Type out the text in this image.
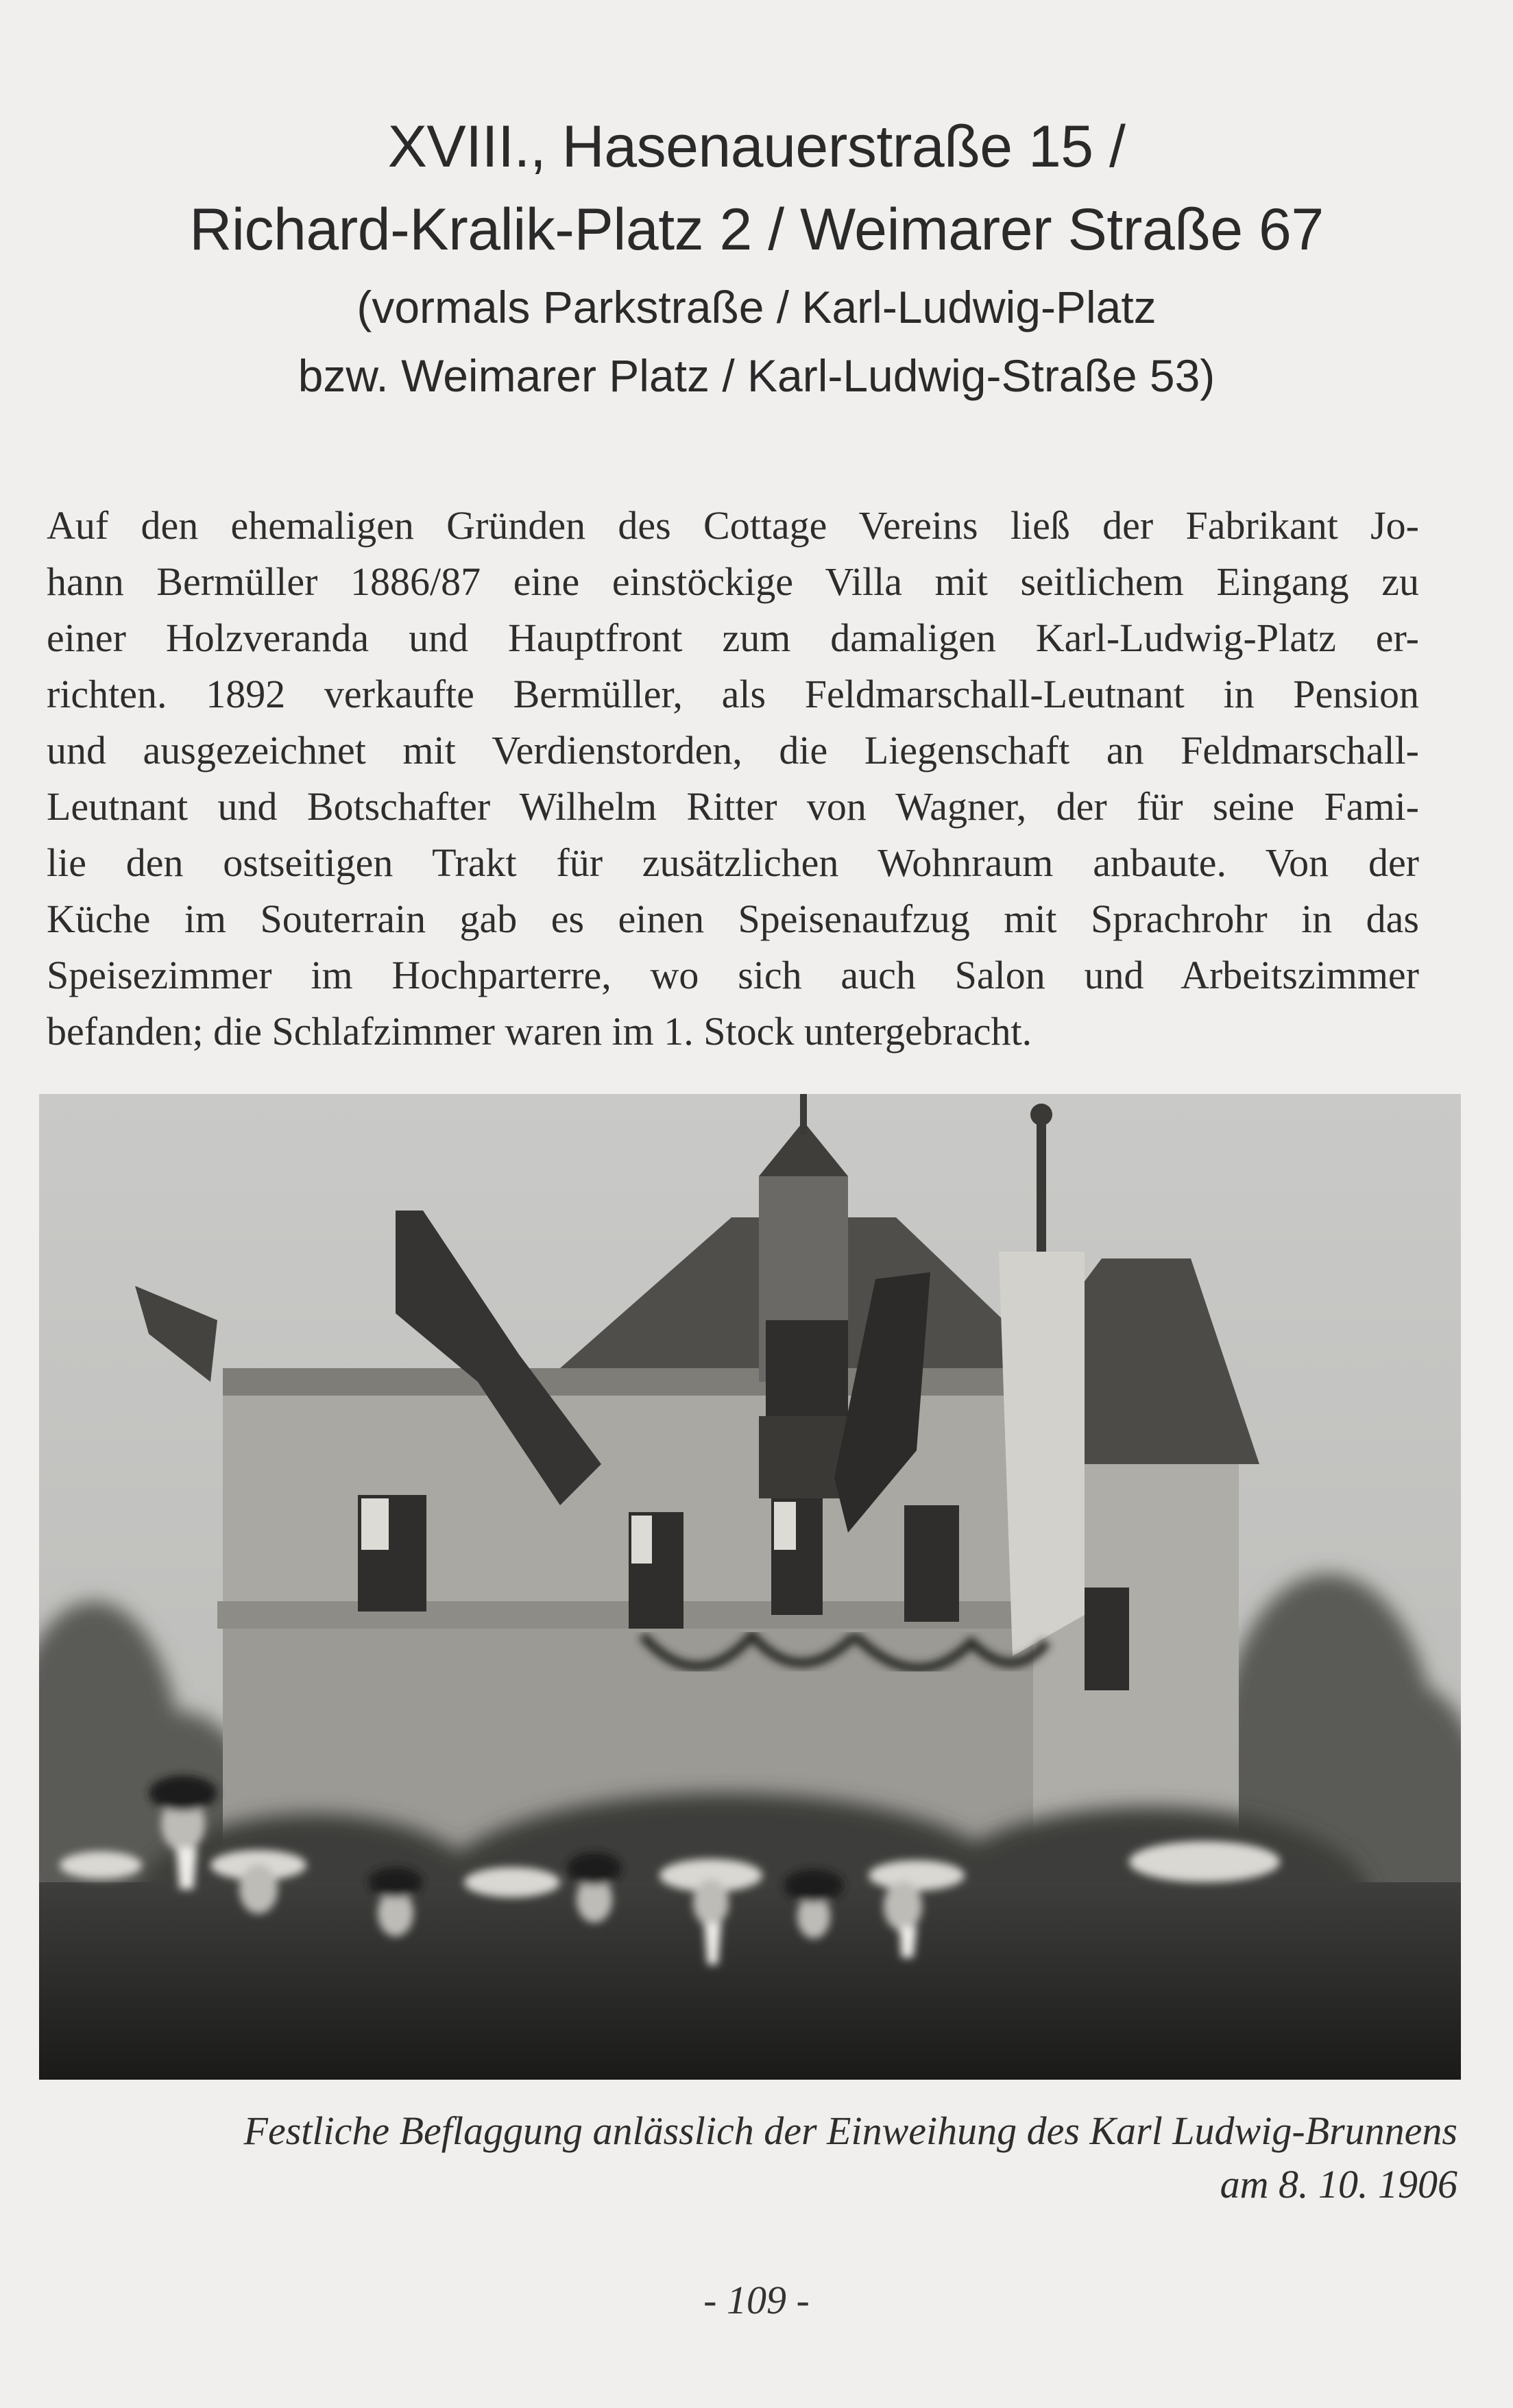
XVIII., Hasenauerstraße 15 /
Richard-Kralik-Platz 2 / Weimarer Straße 67
(vormals Parkstraße / Karl-Ludwig-Platz
bzw. Weimarer Platz / Karl-Ludwig-Straße 53)
Auf den ehemaligen Gründen des Cottage Vereins ließ der Fabrikant Jo-
hann Bermüller 1886/87 eine einstöckige Villa mit seitlichem Eingang zu
einer Holzveranda und Hauptfront zum damaligen Karl-Ludwig-Platz er-
richten. 1892 verkaufte Bermüller, als Feldmarschall-Leutnant in Pension
und ausgezeichnet mit Verdienstorden, die Liegenschaft an Feldmarschall-
Leutnant und Botschafter Wilhelm Ritter von Wagner, der für seine Fami-
lie den ostseitigen Trakt für zusätzlichen Wohnraum anbaute. Von der
Küche im Souterrain gab es einen Speisenaufzug mit Sprachrohr in das
Speisezimmer im Hochparterre, wo sich auch Salon und Arbeitszimmer
befanden; die Schlafzimmer waren im 1. Stock untergebracht.
Festliche Beflaggung anlässlich der Einweihung des Karl Ludwig-Brunnens
am 8. 10. 1906
- 109 -
